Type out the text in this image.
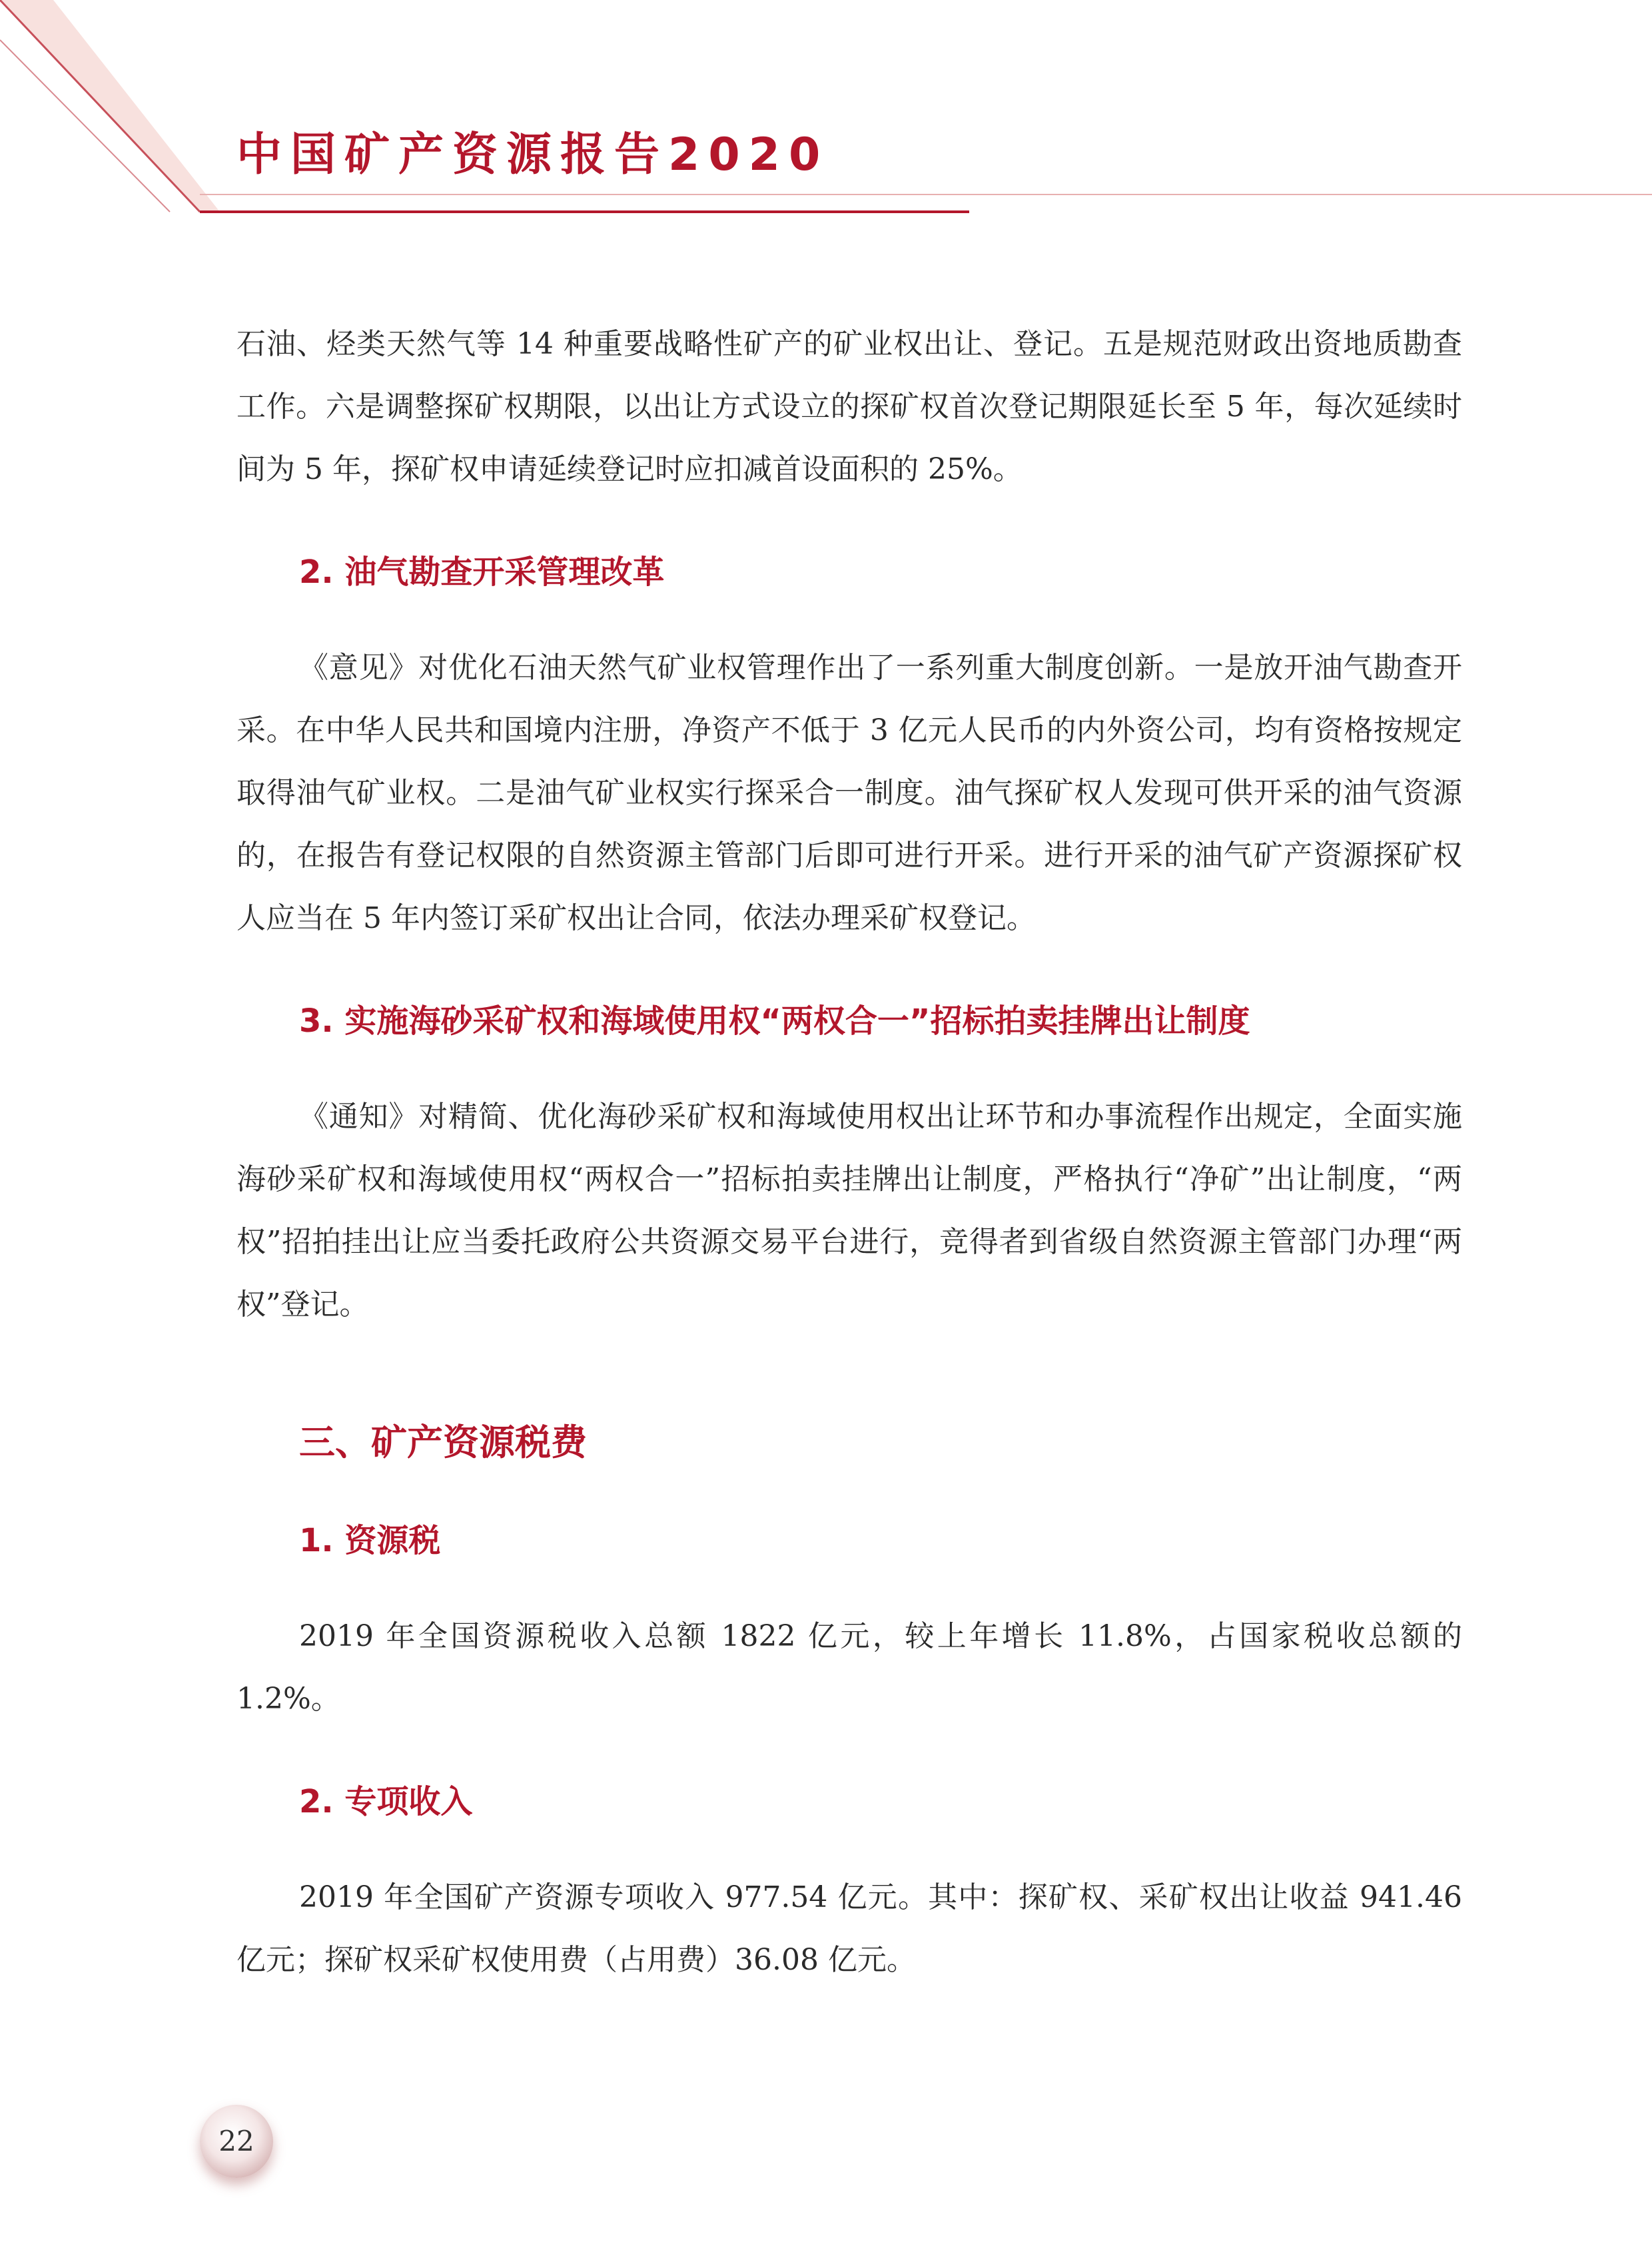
中国矿产资源报告2020

石油、烃类天然气等 14 种重要战略性矿产的矿业权出让、登记。五是规范财政出资地质勘查工作。六是调整探矿权期限，以出让方式设立的探矿权首次登记期限延长至 5 年，每次延续时间为 5 年，探矿权申请延续登记时应扣减首设面积的 25%。

2. 油气勘查开采管理改革

《意见》对优化石油天然气矿业权管理作出了一系列重大制度创新。一是放开油气勘查开采。在中华人民共和国境内注册，净资产不低于 3 亿元人民币的内外资公司，均有资格按规定取得油气矿业权。二是油气矿业权实行探采合一制度。油气探矿权人发现可供开采的油气资源的，在报告有登记权限的自然资源主管部门后即可进行开采。进行开采的油气矿产资源探矿权人应当在 5 年内签订采矿权出让合同，依法办理采矿权登记。

3. 实施海砂采矿权和海域使用权“两权合一”招标拍卖挂牌出让制度

《通知》对精简、优化海砂采矿权和海域使用权出让环节和办事流程作出规定，全面实施海砂采矿权和海域使用权“两权合一”招标拍卖挂牌出让制度，严格执行“净矿”出让制度，“两权”招拍挂出让应当委托政府公共资源交易平台进行，竞得者到省级自然资源主管部门办理“两权”登记。

三、矿产资源税费
1. 资源税

2019 年全国资源税收入总额 1822 亿元，较上年增长 11.8%，占国家税收总额的 1.2%。

2. 专项收入

2019 年全国矿产资源专项收入 977.54 亿元。其中：探矿权、采矿权出让收益 941.46 亿元；探矿权采矿权使用费（占用费）36.08 亿元。

22
